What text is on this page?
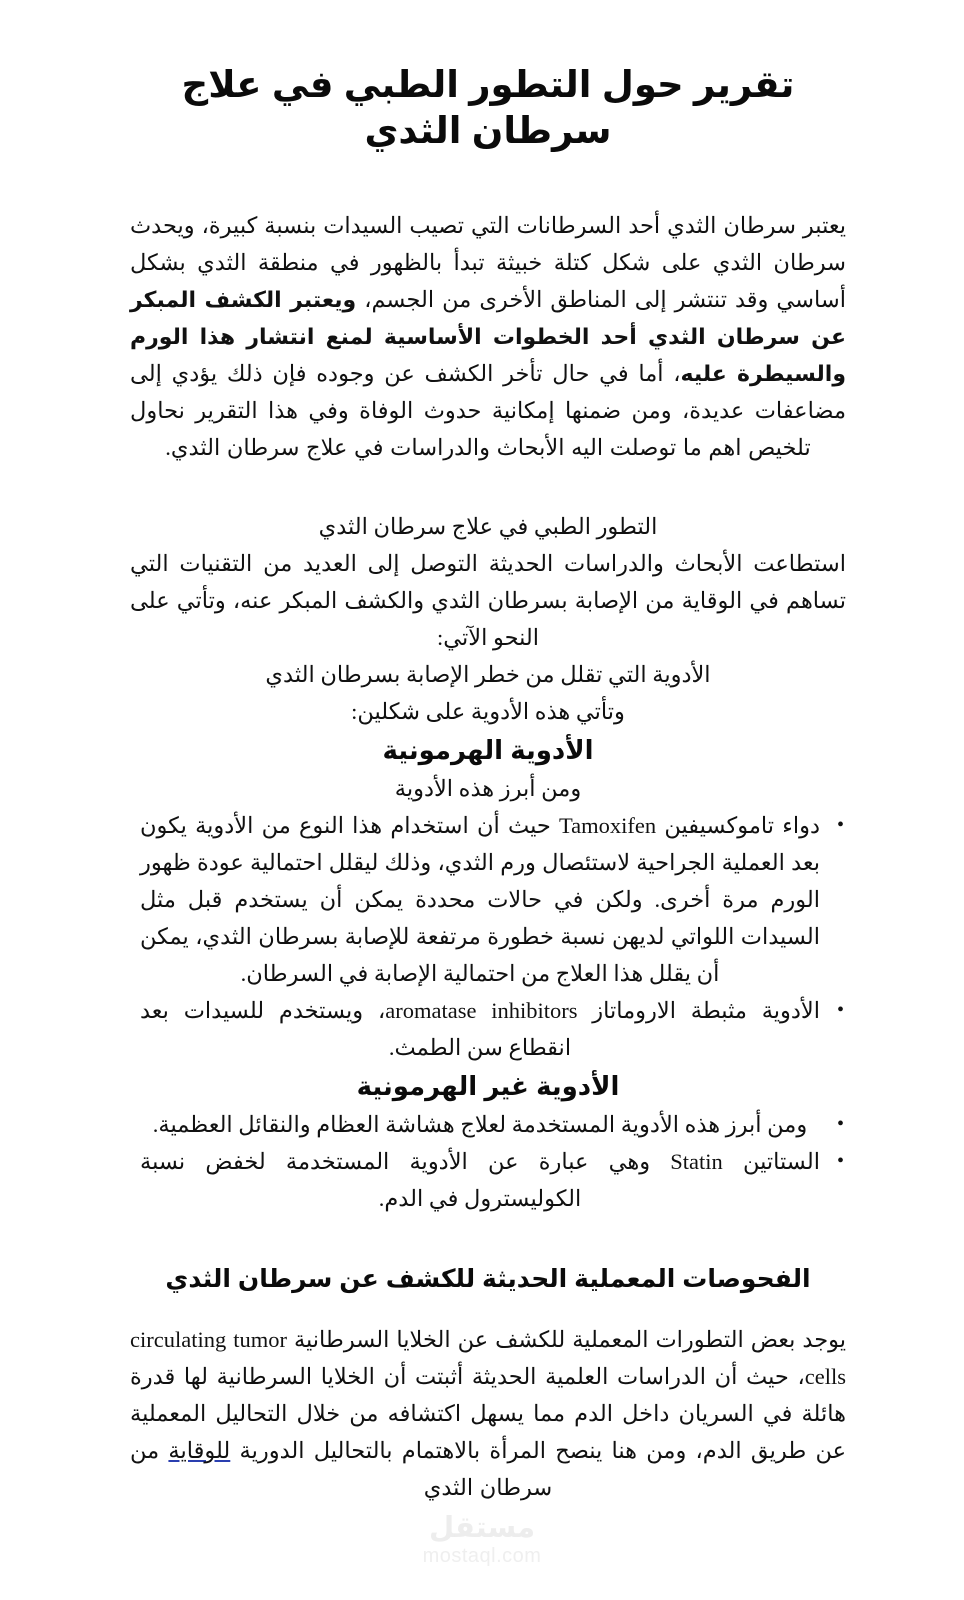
تقرير حول التطور الطبي في علاج سرطان الثدي

يعتبر سرطان الثدي أحد السرطانات التي تصيب السيدات بنسبة كبيرة، ويحدث سرطان الثدي على شكل كتلة خبيثة تبدأ بالظهور في منطقة الثدي بشكل أساسي وقد تنتشر إلى المناطق الأخرى من الجسم، ويعتبر الكشف المبكر عن سرطان الثدي أحد الخطوات الأساسية لمنع انتشار هذا الورم والسيطرة عليه، أما في حال تأخر الكشف عن وجوده فإن ذلك يؤدي إلى مضاعفات عديدة، ومن ضمنها إمكانية حدوث الوفاة وفي هذا التقرير نحاول تلخيص اهم ما توصلت اليه الأبحاث والدراسات في علاج سرطان الثدي.

التطور الطبي في علاج سرطان الثدي

استطاعت الأبحاث والدراسات الحديثة التوصل إلى العديد من التقنيات التي تساهم في الوقاية من الإصابة بسرطان الثدي والكشف المبكر عنه، وتأتي على النحو الآتي:

الأدوية التي تقلل من خطر الإصابة بسرطان الثدي

وتأتي هذه الأدوية على شكلين:

الأدوية الهرمونية

ومن أبرز هذه الأدوية

• دواء تاموكسيفين Tamoxifen حيث أن استخدام هذا النوع من الأدوية يكون بعد العملية الجراحية لاستئصال ورم الثدي، وذلك ليقلل احتمالية عودة ظهور الورم مرة أخرى. ولكن في حالات محددة يمكن أن يستخدم قبل مثل السيدات اللواتي لديهن نسبة خطورة مرتفعة للإصابة بسرطان الثدي، يمكن أن يقلل هذا العلاج من احتمالية الإصابة في السرطان.
• الأدوية مثبطة الاروماتاز aromatase inhibitors، ويستخدم للسيدات بعد انقطاع سن الطمث.

الأدوية غير الهرمونية

• ومن أبرز هذه الأدوية المستخدمة لعلاج هشاشة العظام والنقائل العظمية.
• الستاتين Statin وهي عبارة عن الأدوية المستخدمة لخفض نسبة الكوليسترول في الدم.

الفحوصات المعملية الحديثة للكشف عن سرطان الثدي

يوجد بعض التطورات المعملية للكشف عن الخلايا السرطانية circulating tumor cells، حيث أن الدراسات العلمية الحديثة أثبتت أن الخلايا السرطانية لها قدرة هائلة في السريان داخل الدم مما يسهل اكتشافه من خلال التحاليل المعملية عن طريق الدم، ومن هنا ينصح المرأة بالاهتمام بالتحاليل الدورية للوقاية من سرطان الثدي

مستقل
mostaql.com
